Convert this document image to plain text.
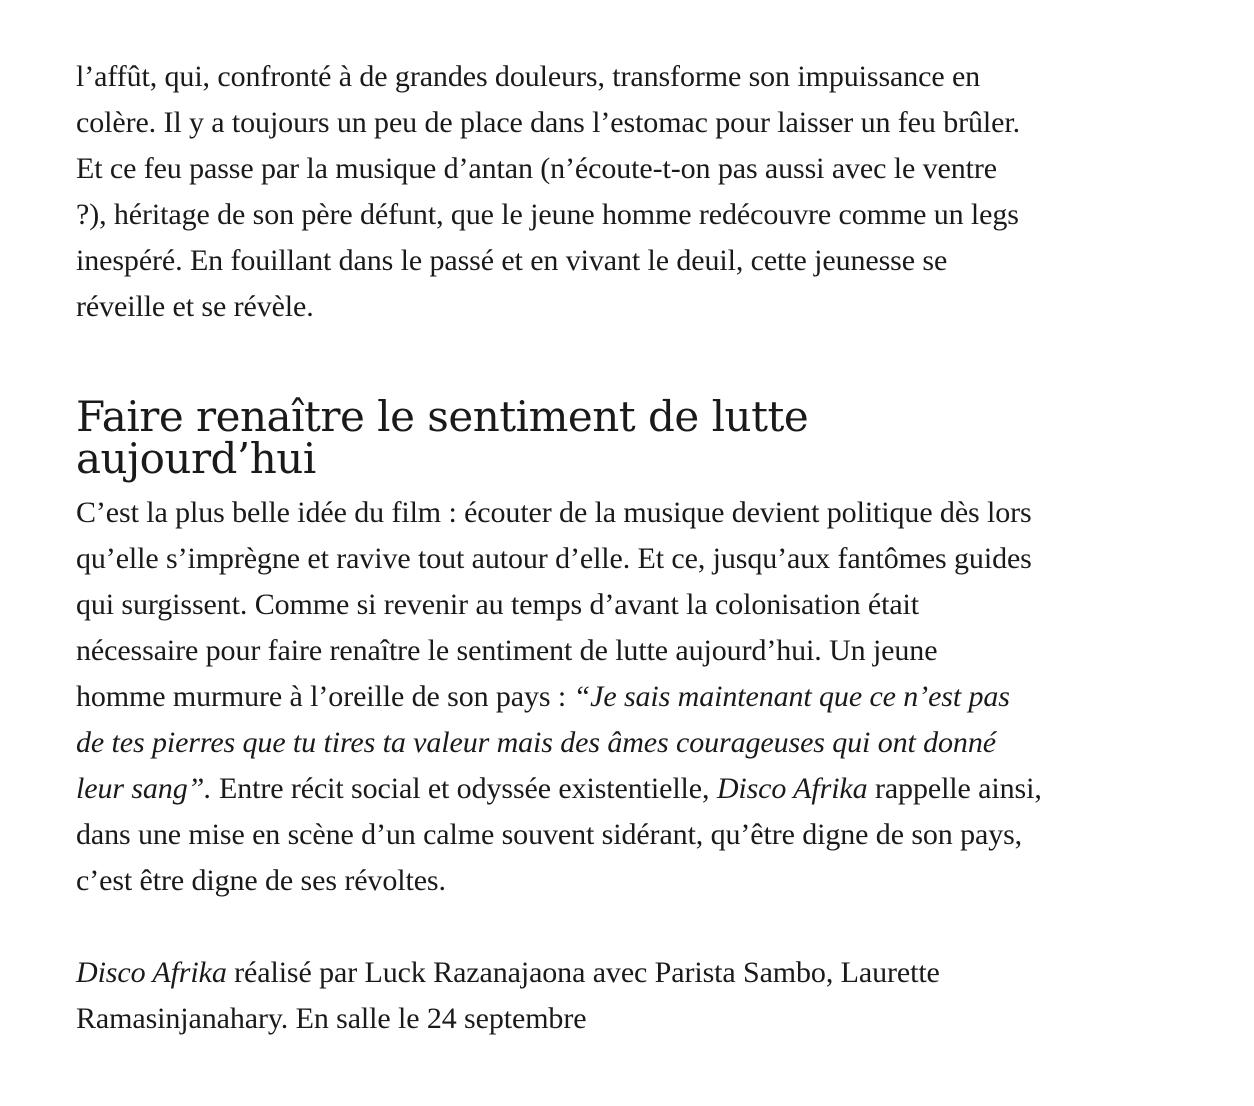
l’affût, qui, confronté à de grandes douleurs, transforme son impuissance en
colère. Il y a toujours un peu de place dans l’estomac pour laisser un feu brûler.
Et ce feu passe par la musique d’antan (n’écoute-t-on pas aussi avec le ventre
?), héritage de son père défunt, que le jeune homme redécouvre comme un legs
inespéré. En fouillant dans le passé et en vivant le deuil, cette jeunesse se
réveille et se révèle.

Faire renaître le sentiment de lutte
aujourd’hui

C’est la plus belle idée du film : écouter de la musique devient politique dès lors
qu’elle s’imprègne et ravive tout autour d’elle. Et ce, jusqu’aux fantômes guides
qui surgissent. Comme si revenir au temps d’avant la colonisation était
nécessaire pour faire renaître le sentiment de lutte aujourd’hui. Un jeune
homme murmure à l’oreille de son pays : “Je sais maintenant que ce n’est pas
de tes pierres que tu tires ta valeur mais des âmes courageuses qui ont donné
leur sang”. Entre récit social et odyssée existentielle, Disco Afrika rappelle ainsi,
dans une mise en scène d’un calme souvent sidérant, qu’être digne de son pays,
c’est être digne de ses révoltes.

Disco Afrika réalisé par Luck Razanajaona avec Parista Sambo, Laurette
Ramasinjanahary. En salle le 24 septembre
